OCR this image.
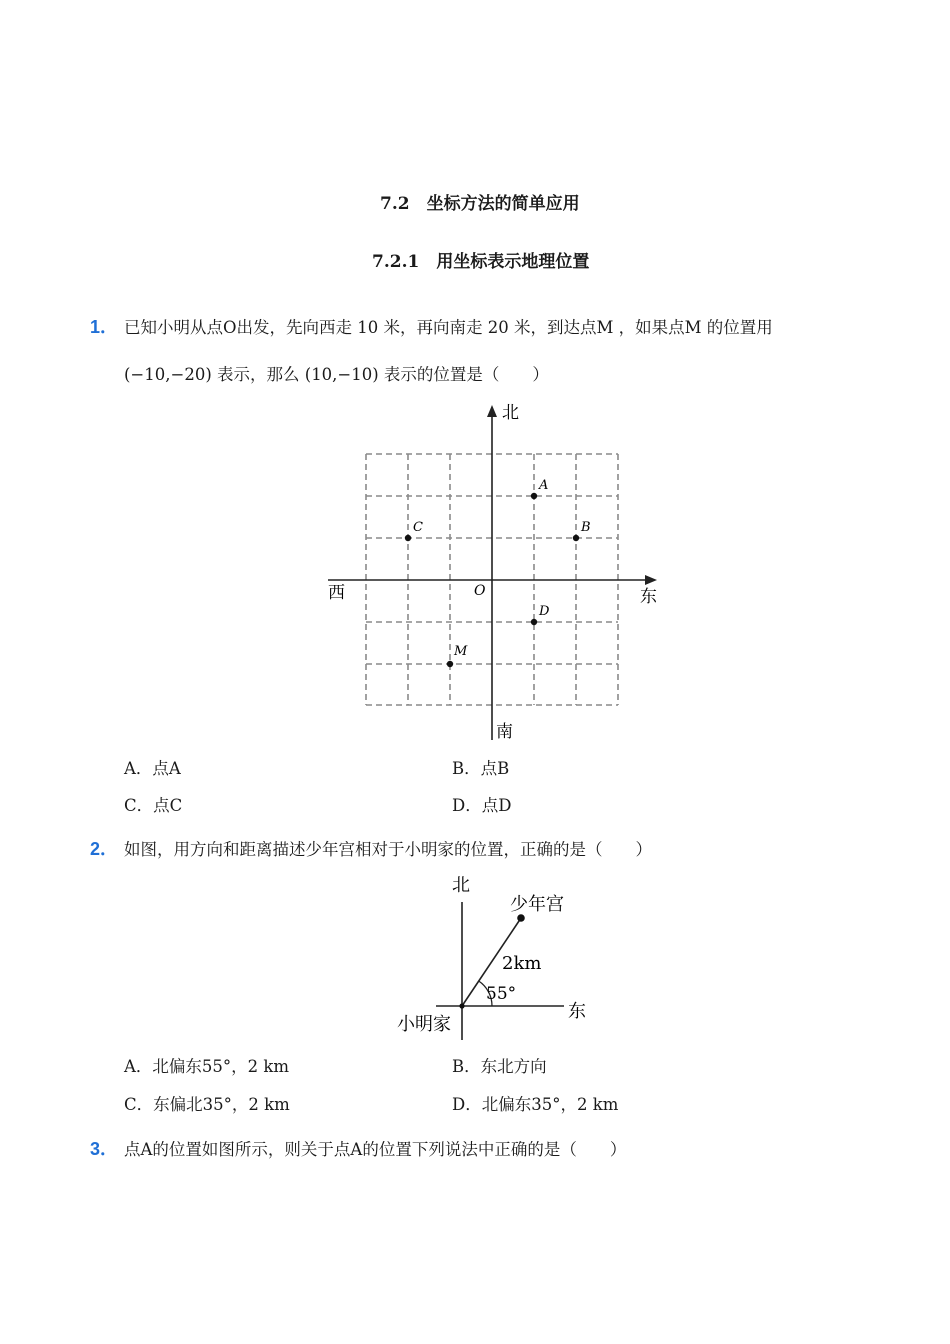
7.2　坐标方法的简单应用
7.2.1　用坐标表示地理位置
1． 已知小明从点O出发，先向西走 10 米，再向南走 20 米，到达点M ，如果点M 的位置用
(−10,−20) 表示，那么 (10,−10) 表示的位置是（　　）
北
南
东
西	O
A
B
C
D
M
A．点A	B．点B
C．点C	D．点D
2． 如图，用方向和距离描述少年宫相对于小明家的位置，正确的是（　　）
北
东
少年宫
2km
55°
小明家
A．北偏东55°，2 km	B．东北方向
C．东偏北35°，2 km	D．北偏东35°，2 km
3． 点A的位置如图所示，则关于点A的位置下列说法中正确的是（　　）
